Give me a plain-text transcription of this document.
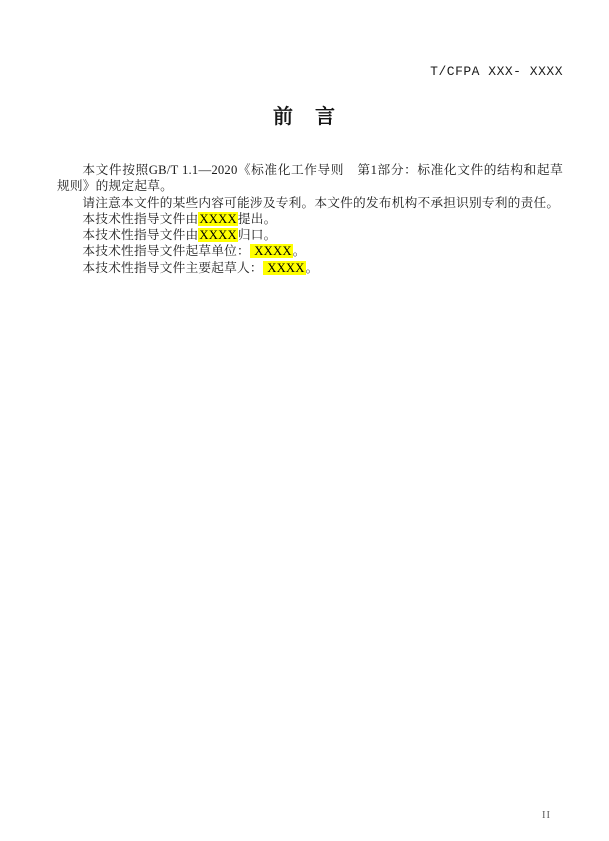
T/CFPA XXX- XXXX
前　言

本文件按照GB/T 1.1—2020《标准化工作导则　第1部分：标准化文件的结构和起草规则》的规定起草。

请注意本文件的某些内容可能涉及专利。本文件的发布机构不承担识别专利的责任。

本技术性指导文件由XXXX提出。

本技术性指导文件由XXXX归口。

本技术性指导文件起草单位： XXXX。

本技术性指导文件主要起草人： XXXX。

II
